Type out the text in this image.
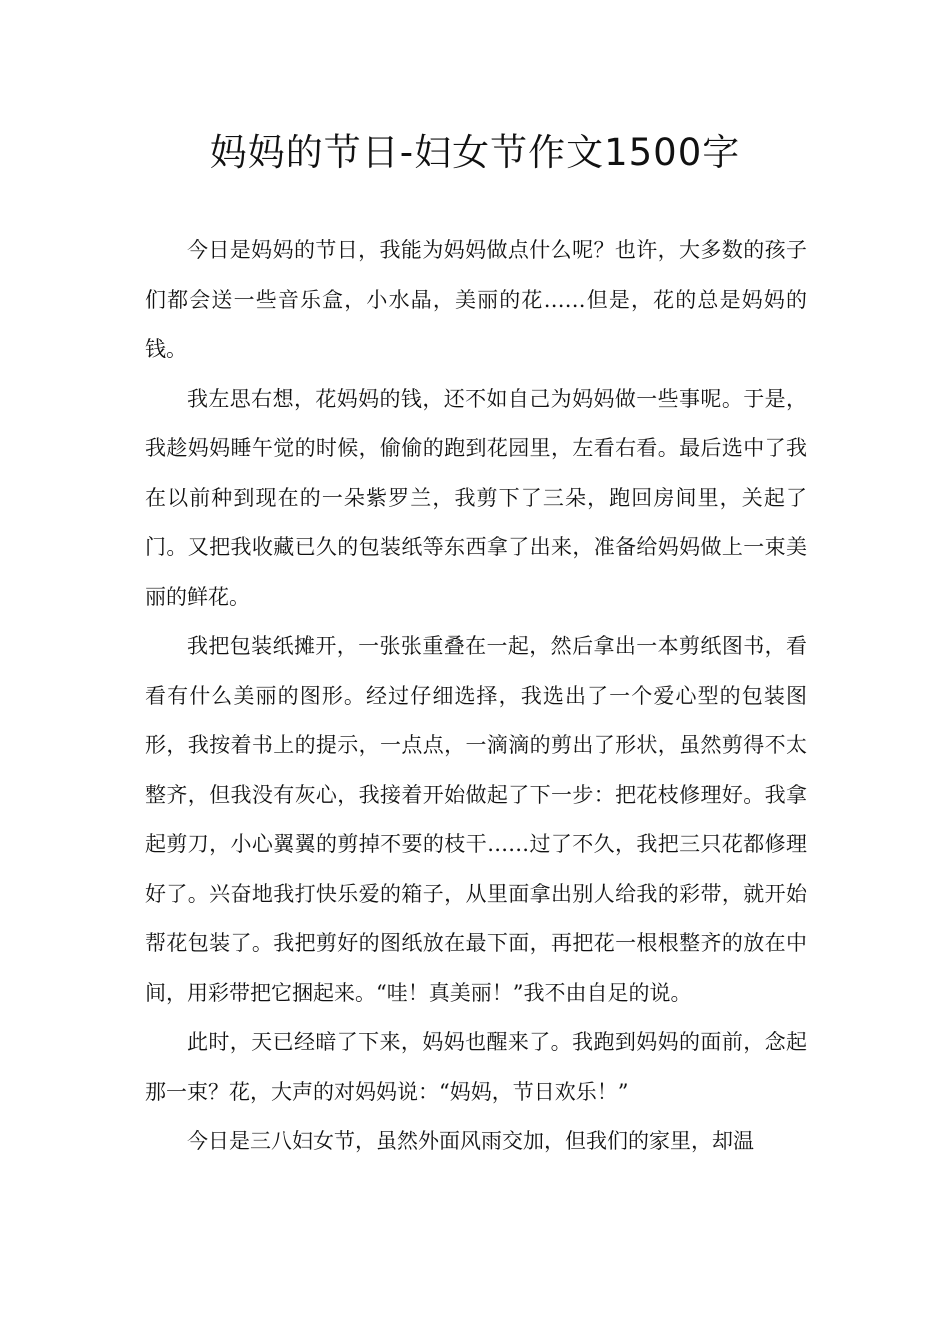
妈妈的节日-妇女节作文1500字

今日是妈妈的节日，我能为妈妈做点什么呢？也许，大多数的孩子们都会送一些音乐盒，小水晶，美丽的花……但是，花的总是妈妈的钱。

我左思右想，花妈妈的钱，还不如自己为妈妈做一些事呢。于是，我趁妈妈睡午觉的时候，偷偷的跑到花园里，左看右看。最后选中了我在以前种到现在的一朵紫罗兰，我剪下了三朵，跑回房间里，关起了门。又把我收藏已久的包装纸等东西拿了出来，准备给妈妈做上一束美丽的鲜花。

我把包装纸摊开，一张张重叠在一起，然后拿出一本剪纸图书，看看有什么美丽的图形。经过仔细选择，我选出了一个爱心型的包装图形，我按着书上的提示，一点点，一滴滴的剪出了形状，虽然剪得不太整齐，但我没有灰心，我接着开始做起了下一步：把花枝修理好。我拿起剪刀，小心翼翼的剪掉不要的枝干……过了不久，我把三只花都修理好了。兴奋地我打快乐爱的箱子，从里面拿出别人给我的彩带，就开始帮花包装了。我把剪好的图纸放在最下面，再把花一根根整齐的放在中间，用彩带把它捆起来。“哇！真美丽！”我不由自足的说。

此时，天已经暗了下来，妈妈也醒来了。我跑到妈妈的面前，念起那一束？花，大声的对妈妈说：“妈妈，节日欢乐！”

今日是三八妇女节，虽然外面风雨交加，但我们的家里，却温
